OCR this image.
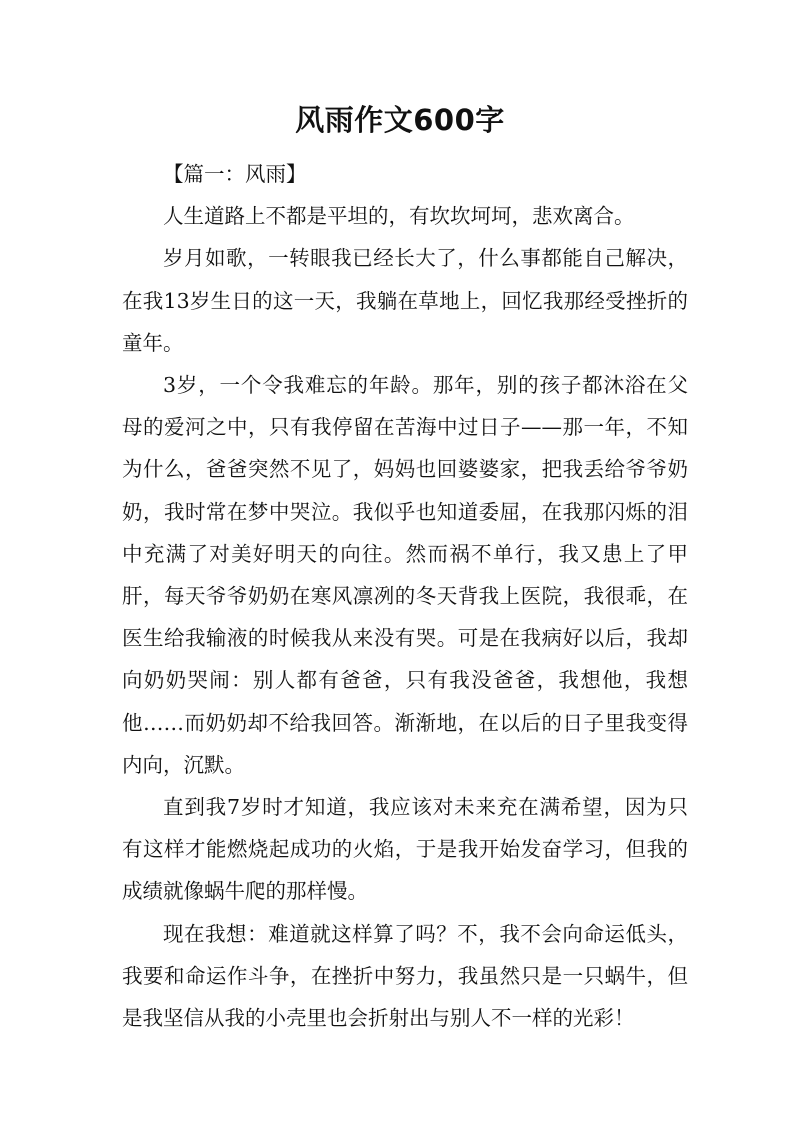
风雨作文600字

【篇一：风雨】

人生道路上不都是平坦的，有坎坎坷坷，悲欢离合。

岁月如歌，一转眼我已经长大了，什么事都能自己解决，在我13岁生日的这一天，我躺在草地上，回忆我那经受挫折的童年。

3岁，一个令我难忘的年龄。那年，别的孩子都沐浴在父母的爱河之中，只有我停留在苦海中过日子——那一年，不知为什么，爸爸突然不见了，妈妈也回婆婆家，把我丢给爷爷奶奶，我时常在梦中哭泣。我似乎也知道委屈，在我那闪烁的泪中充满了对美好明天的向往。然而祸不单行，我又患上了甲肝，每天爷爷奶奶在寒风凛冽的冬天背我上医院，我很乖，在医生给我输液的时候我从来没有哭。可是在我病好以后，我却向奶奶哭闹：别人都有爸爸，只有我没爸爸，我想他，我想他……而奶奶却不给我回答。渐渐地，在以后的日子里我变得内向，沉默。

直到我7岁时才知道，我应该对未来充在满希望，因为只有这样才能燃烧起成功的火焰，于是我开始发奋学习，但我的成绩就像蜗牛爬的那样慢。

现在我想：难道就这样算了吗？不，我不会向命运低头，我要和命运作斗争，在挫折中努力，我虽然只是一只蜗牛，但是我坚信从我的小壳里也会折射出与别人不一样的光彩！
